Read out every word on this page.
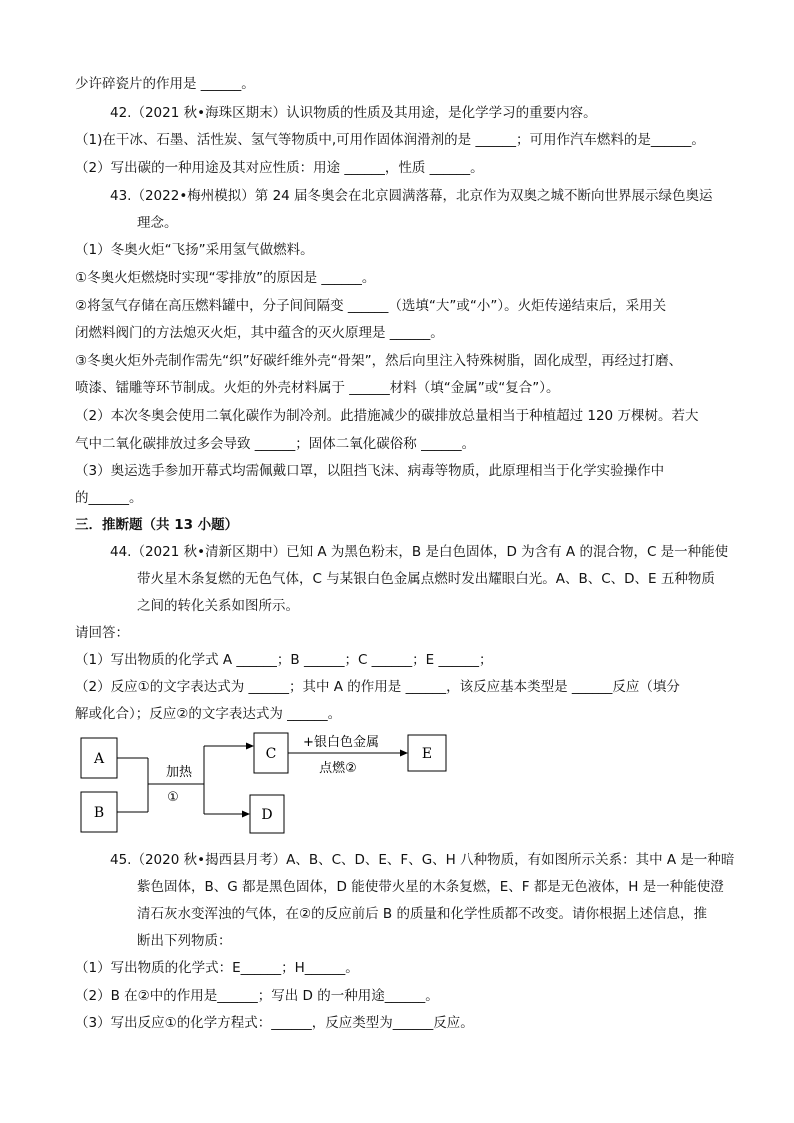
少许碎瓷片的作用是 ______。
42.（2021 秋•海珠区期末）认识物质的性质及其用途，是化学学习的重要内容。
（1)在干冰、石墨、活性炭、氢气等物质中,可用作固体润滑剂的是 ______；可用作汽车燃料的是______。
（2）写出碳的一种用途及其对应性质：用途 ______，性质 ______。
43.（2022•梅州模拟）第 24 届冬奥会在北京圆满落幕，北京作为双奥之城不断向世界展示绿色奥运
理念。
（1）冬奥火炬“飞扬”采用氢气做燃料。
①冬奥火炬燃烧时实现“零排放”的原因是 ______。
②将氢气存储在高压燃料罐中，分子间间隔变 ______（选填“大”或“小”）。火炬传递结束后，采用关
闭燃料阀门的方法熄灭火炬，其中蕴含的灭火原理是 ______。
③冬奥火炬外壳制作需先“织”好碳纤维外壳“骨架”，然后向里注入特殊树脂，固化成型，再经过打磨、
喷漆、镭雕等环节制成。火炬的外壳材料属于 ______材料（填“金属”或“复合”）。
（2）本次冬奥会使用二氧化碳作为制冷剂。此措施减少的碳排放总量相当于种植超过 120 万棵树。若大
气中二氧化碳排放过多会导致 ______；固体二氧化碳俗称 ______。
（3）奥运选手参加开幕式均需佩戴口罩，以阻挡飞沫、病毒等物质，此原理相当于化学实验操作中
的______。
三．推断题（共 13 小题）
44.（2021 秋•清新区期中）已知 A 为黑色粉末，B 是白色固体，D 为含有 A 的混合物，C 是一种能使
带火星木条复燃的无色气体，C 与某银白色金属点燃时发出耀眼白光。A、B、C、D、E 五种物质
之间的转化关系如图所示。
请回答：
（1）写出物质的化学式 A ______；B ______；C ______；E ______；
（2）反应①的文字表达式为 ______；其中 A 的作用是 ______，该反应基本类型是 ______反应（填分
解或化合）；反应②的文字表达式为 ______。
A
B
C
D
E
加热
①
+银白色金属
点燃②
45.（2020 秋•揭西县月考）A、B、C、D、E、F、G、H 八种物质，有如图所示关系：其中 A 是一种暗
紫色固体，B、G 都是黑色固体，D 能使带火星的木条复燃，E、F 都是无色液体，H 是一种能使澄
清石灰水变浑浊的气体，在②的反应前后 B 的质量和化学性质都不改变。请你根据上述信息，推
断出下列物质：
（1）写出物质的化学式：E______；H______。
（2）B 在②中的作用是______；写出 D 的一种用途______。
（3）写出反应①的化学方程式：______，反应类型为______反应。
